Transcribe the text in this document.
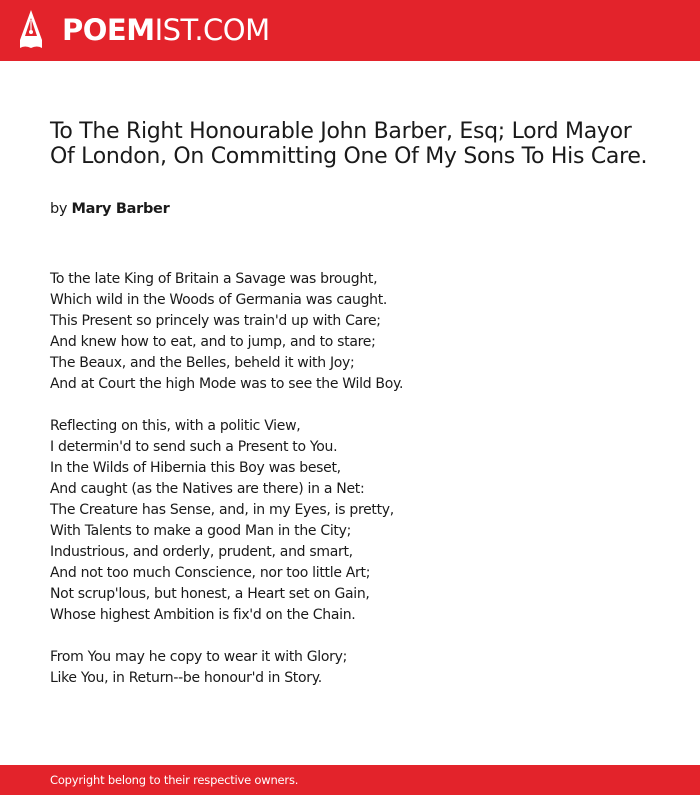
POEMIST.COM
To The Right Honourable John Barber, Esq; Lord Mayor Of London, On Committing One Of My Sons To His Care.
by Mary Barber
To the late King of Britain a Savage was brought,
Which wild in the Woods of Germania was caught.
This Present so princely was train'd up with Care;
And knew how to eat, and to jump, and to stare;
The Beaux, and the Belles, beheld it with Joy;
And at Court the high Mode was to see the Wild Boy.
Reflecting on this, with a politic View,
I determin'd to send such a Present to You.
In the Wilds of Hibernia this Boy was beset,
And caught (as the Natives are there) in a Net:
The Creature has Sense, and, in my Eyes, is pretty,
With Talents to make a good Man in the City;
Industrious, and orderly, prudent, and smart,
And not too much Conscience, nor too little Art;
Not scrup'lous, but honest, a Heart set on Gain,
Whose highest Ambition is fix'd on the Chain.
From You may he copy to wear it with Glory;
Like You, in Return--be honour'd in Story.
Copyright belong to their respective owners.
